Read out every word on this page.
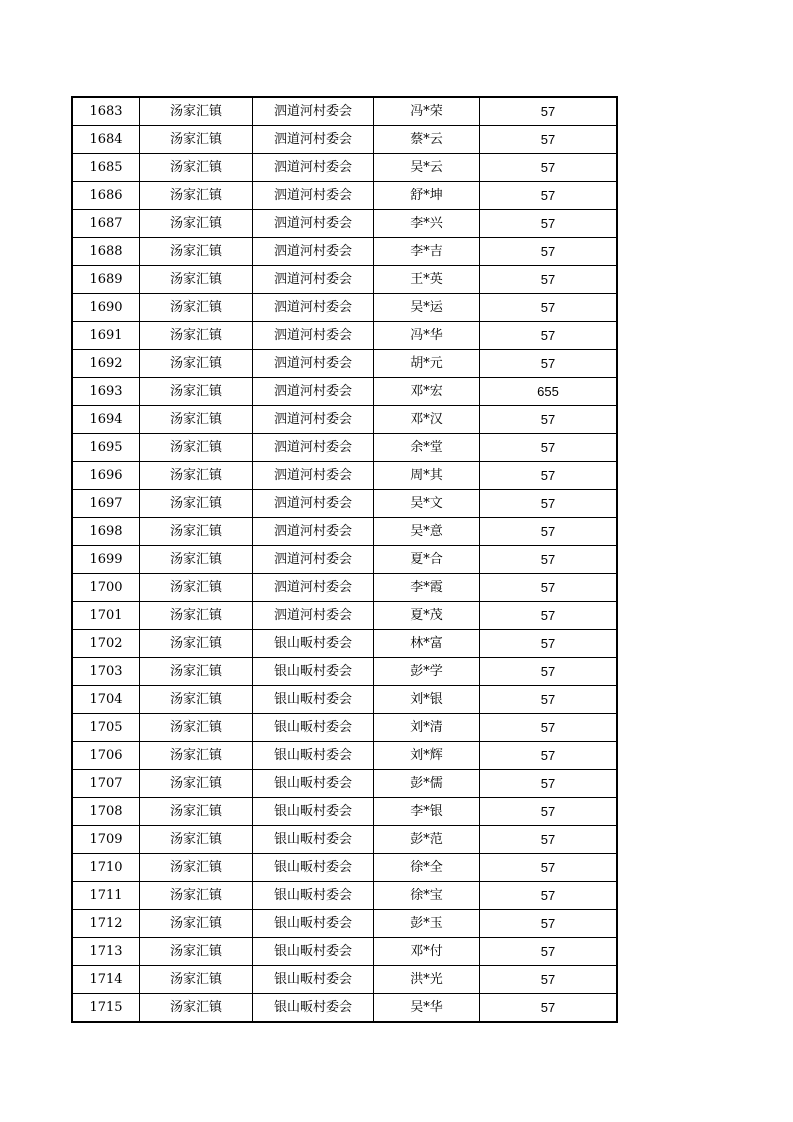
1683	汤家汇镇	泗道河村委会	冯*荣	57
1684	汤家汇镇	泗道河村委会	蔡*云	57
1685	汤家汇镇	泗道河村委会	吴*云	57
1686	汤家汇镇	泗道河村委会	舒*坤	57
1687	汤家汇镇	泗道河村委会	李*兴	57
1688	汤家汇镇	泗道河村委会	李*吉	57
1689	汤家汇镇	泗道河村委会	王*英	57
1690	汤家汇镇	泗道河村委会	吴*运	57
1691	汤家汇镇	泗道河村委会	冯*华	57
1692	汤家汇镇	泗道河村委会	胡*元	57
1693	汤家汇镇	泗道河村委会	邓*宏	655
1694	汤家汇镇	泗道河村委会	邓*汉	57
1695	汤家汇镇	泗道河村委会	余*堂	57
1696	汤家汇镇	泗道河村委会	周*其	57
1697	汤家汇镇	泗道河村委会	吴*文	57
1698	汤家汇镇	泗道河村委会	吴*意	57
1699	汤家汇镇	泗道河村委会	夏*合	57
1700	汤家汇镇	泗道河村委会	李*霞	57
1701	汤家汇镇	泗道河村委会	夏*茂	57
1702	汤家汇镇	银山畈村委会	林*富	57
1703	汤家汇镇	银山畈村委会	彭*学	57
1704	汤家汇镇	银山畈村委会	刘*银	57
1705	汤家汇镇	银山畈村委会	刘*清	57
1706	汤家汇镇	银山畈村委会	刘*辉	57
1707	汤家汇镇	银山畈村委会	彭*儒	57
1708	汤家汇镇	银山畈村委会	李*银	57
1709	汤家汇镇	银山畈村委会	彭*范	57
1710	汤家汇镇	银山畈村委会	徐*全	57
1711	汤家汇镇	银山畈村委会	徐*宝	57
1712	汤家汇镇	银山畈村委会	彭*玉	57
1713	汤家汇镇	银山畈村委会	邓*付	57
1714	汤家汇镇	银山畈村委会	洪*光	57
1715	汤家汇镇	银山畈村委会	吴*华	57
